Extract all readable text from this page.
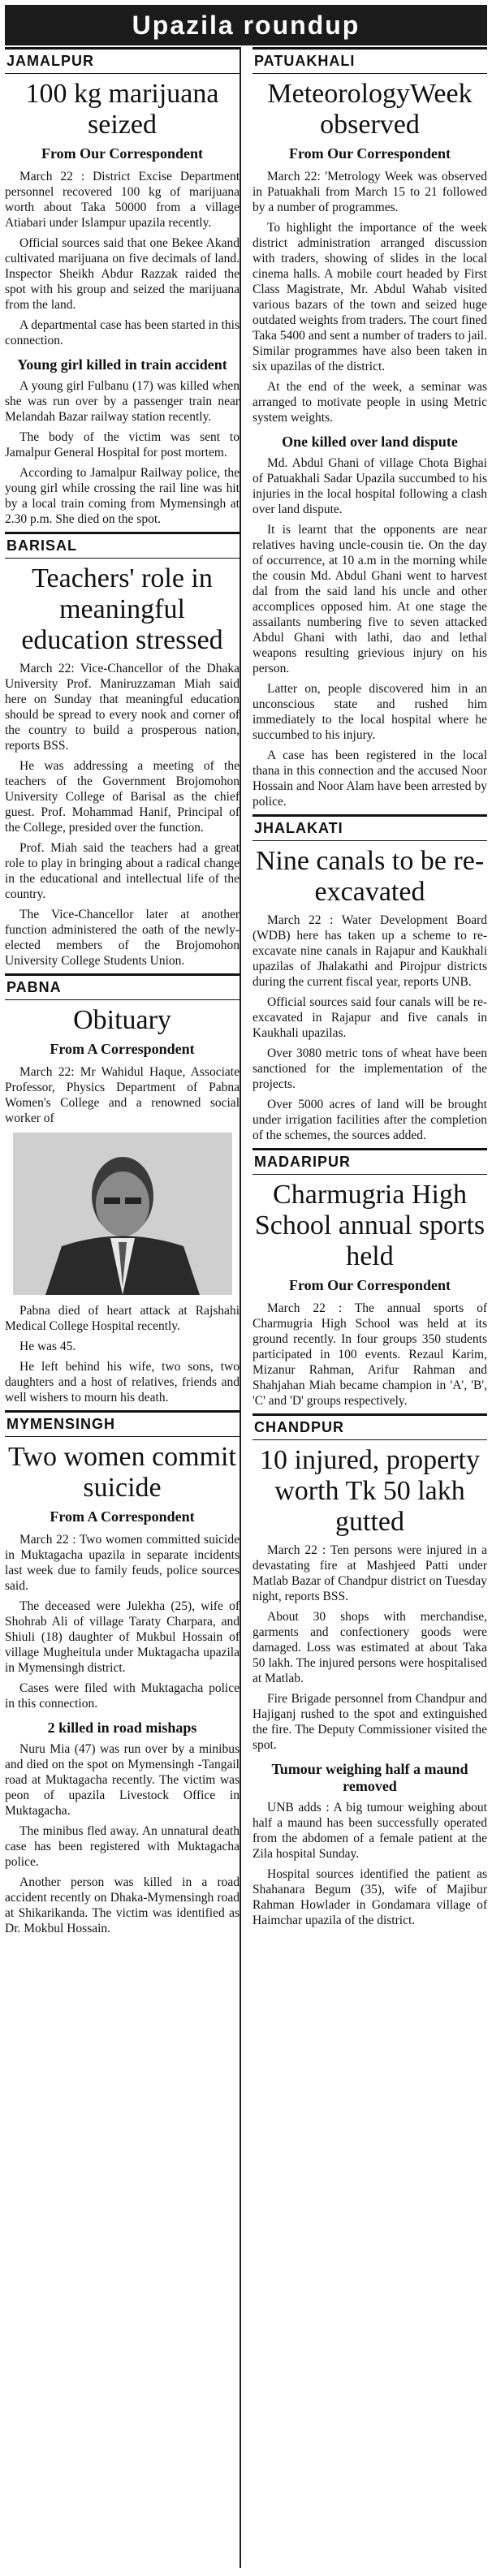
Upazila roundup
JAMALPUR
100 kg marijuana seized
From Our Correspondent

March 22 : District Excise Department personnel recovered 100 kg of marijuana worth about Taka 50000 from a village Atiabari under Islampur upazila recently.

Official sources said that one Bekee Akand cultivated marijuana on five decimals of land. Inspector Sheikh Abdur Razzak raided the spot with his group and seized the marijuana from the land.

A departmental case has been started in this connection.

Young girl killed in train accident

A young girl Fulbanu (17) was killed when she was run over by a passenger train near Melandah Bazar railway station recently.

The body of the victim was sent to Jamalpur General Hospital for post mortem.

According to Jamalpur Railway police, the young girl while crossing the rail line was hit by a local train coming from Mymensingh at 2.30 p.m. She died on the spot.

BARISAL
Teachers' role in meaningful education stressed

March 22: Vice-Chancellor of the Dhaka University Prof. Maniruzzaman Miah said here on Sunday that meaningful education should be spread to every nook and corner of the country to build a prosperous nation, reports BSS.

He was addressing a meeting of the teachers of the Government Brojomohon University College of Barisal as the chief guest. Prof. Mohammad Hanif, Principal of the College, presided over the function.

Prof. Miah said the teachers had a great role to play in bringing about a radical change in the educational and intellectual life of the country.

The Vice-Chancellor later at another function administered the oath of the newly-elected members of the Brojomohon University College Students Union.

PABNA
Obituary
From A Correspondent

March 22: Mr Wahidul Haque, Associate Professor, Physics Department of Pabna Women's College and a renowned social worker of

Pabna died of heart attack at Rajshahi Medical College Hospital recently.

He was 45.

He left behind his wife, two sons, two daughters and a host of relatives, friends and well wishers to mourn his death.

MYMENSINGH
Two women commit suicide
From A Correspondent

March 22 : Two women committed suicide in Muktagacha upazila in separate incidents last week due to family feuds, police sources said.

The deceased were Julekha (25), wife of Shohrab Ali of village Taraty Charpara, and Shiuli (18) daughter of Mukbul Hossain of village Mugheitula under Muktagacha upazila in Mymensingh district.

Cases were filed with Muktagacha police in this connection.

2 killed in road mishaps

Nuru Mia (47) was run over by a minibus and died on the spot on Mymensingh -Tangail road at Muktagacha recently. The victim was peon of upazila Livestock Office in Muktagacha.

The minibus fled away. An unnatural death case has been registered with Muktagacha police.

Another person was killed in a road accident recently on Dhaka-Mymensingh road at Shikarikanda. The victim was identified as Dr. Mokbul Hossain.

PATUAKHALI
MeteorologyWeek observed
From Our Correspondent

March 22: 'Metrology Week was observed in Patuakhali from March 15 to 21 followed by a number of programmes.

To highlight the importance of the week district administration arranged discussion with traders, showing of slides in the local cinema halls. A mobile court headed by First Class Magistrate, Mr. Abdul Wahab visited various bazars of the town and seized huge outdated weights from traders. The court fined Taka 5400 and sent a number of traders to jail. Similar programmes have also been taken in six upazilas of the district.

At the end of the week, a seminar was arranged to motivate people in using Metric system weights.

One killed over land dispute

Md. Abdul Ghani of village Chota Bighai of Patuakhali Sadar Upazila succumbed to his injuries in the local hospital following a clash over land dispute.

It is learnt that the opponents are near relatives having uncle-cousin tie. On the day of occurrence, at 10 a.m in the morning while the cousin Md. Abdul Ghani went to harvest dal from the said land his uncle and other accomplices opposed him. At one stage the assailants numbering five to seven attacked Abdul Ghani with lathi, dao and lethal weapons resulting grievious injury on his person.

Latter on, people discovered him in an unconscious state and rushed him immediately to the local hospital where he succumbed to his injury.

A case has been registered in the local thana in this connection and the accused Noor Hossain and Noor Alam have been arrested by police.

JHALAKATI
Nine canals to be re-excavated

March 22 : Water Development Board (WDB) here has taken up a scheme to re-excavate nine canals in Rajapur and Kaukhali upazilas of Jhalakathi and Pirojpur districts during the current fiscal year, reports UNB.

Official sources said four canals will be re-excavated in Rajapur and five canals in Kaukhali upazilas.

Over 3080 metric tons of wheat have been sanctioned for the implementation of the projects.

Over 5000 acres of land will be brought under irrigation facilities after the completion of the schemes, the sources added.

MADARIPUR
Charmugria High School annual sports held
From Our Correspondent

March 22 : The annual sports of Charmugria High School was held at its ground recently. In four groups 350 students participated in 100 events. Rezaul Karim, Mizanur Rahman, Arifur Rahman and Shahjahan Miah became champion in 'A', 'B', 'C' and 'D' groups respectively.

CHANDPUR
10 injured, property worth Tk 50 lakh gutted

March 22 : Ten persons were injured in a devastating fire at Mashjeed Patti under Matlab Bazar of Chandpur district on Tuesday night, reports BSS.

About 30 shops with merchandise, garments and confectionery goods were damaged. Loss was estimated at about Taka 50 lakh. The injured persons were hospitalised at Matlab.

Fire Brigade personnel from Chandpur and Hajiganj rushed to the spot and extinguished the fire. The Deputy Commissioner visited the spot.

Tumour weighing half a maund removed

UNB adds : A big tumour weighing about half a maund has been successfully operated from the abdomen of a female patient at the Zila hospital Sunday.

Hospital sources identified the patient as Shahanara Begum (35), wife of Majibur Rahman Howlader in Gondamara village of Haimchar upazila of the district.
